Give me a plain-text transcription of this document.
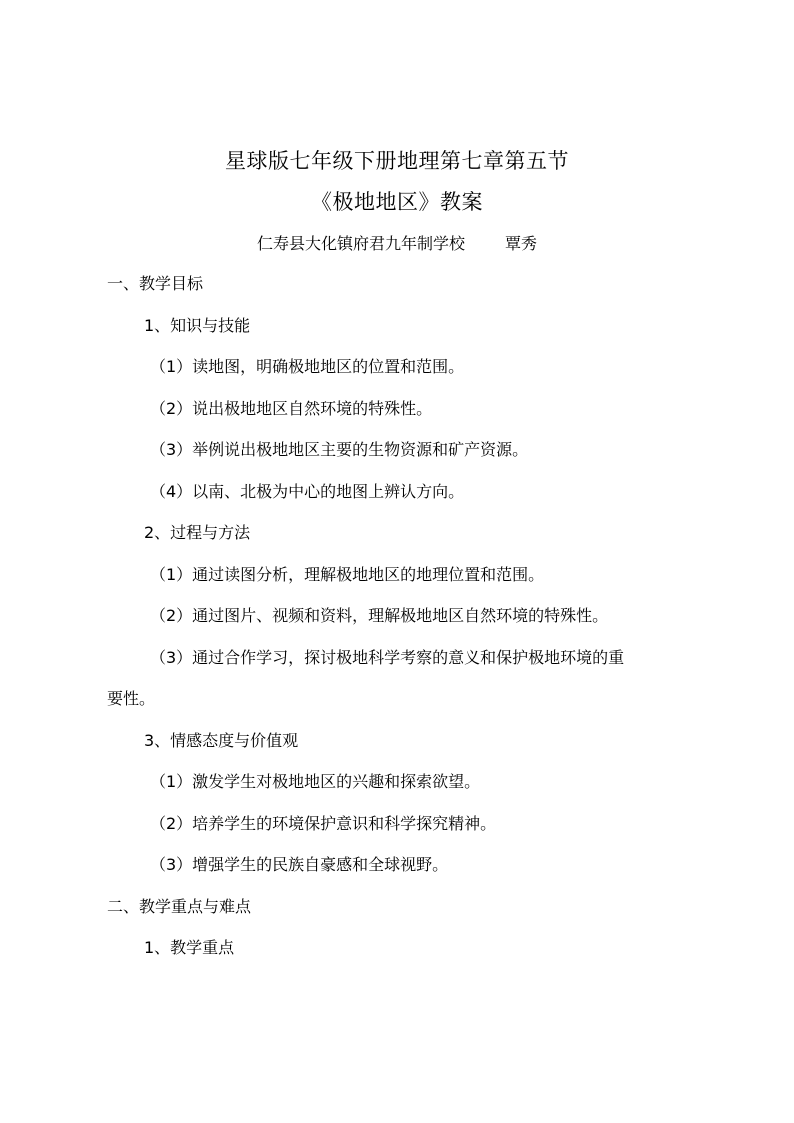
星球版七年级下册地理第七章第五节
《极地地区》教案
仁寿县大化镇府君九年制学校	覃秀
一、教学目标
1、知识与技能
（1）读地图，明确极地地区的位置和范围。
（2）说出极地地区自然环境的特殊性。
（3）举例说出极地地区主要的生物资源和矿产资源。
（4）以南、北极为中心的地图上辨认方向。
2、过程与方法
（1）通过读图分析，理解极地地区的地理位置和范围。
（2）通过图片、视频和资料，理解极地地区自然环境的特殊性。
（3）通过合作学习，探讨极地科学考察的意义和保护极地环境的重
要性。
3、情感态度与价值观
（1）激发学生对极地地区的兴趣和探索欲望。
（2）培养学生的环境保护意识和科学探究精神。
（3）增强学生的民族自豪感和全球视野。
二、教学重点与难点
1、教学重点
